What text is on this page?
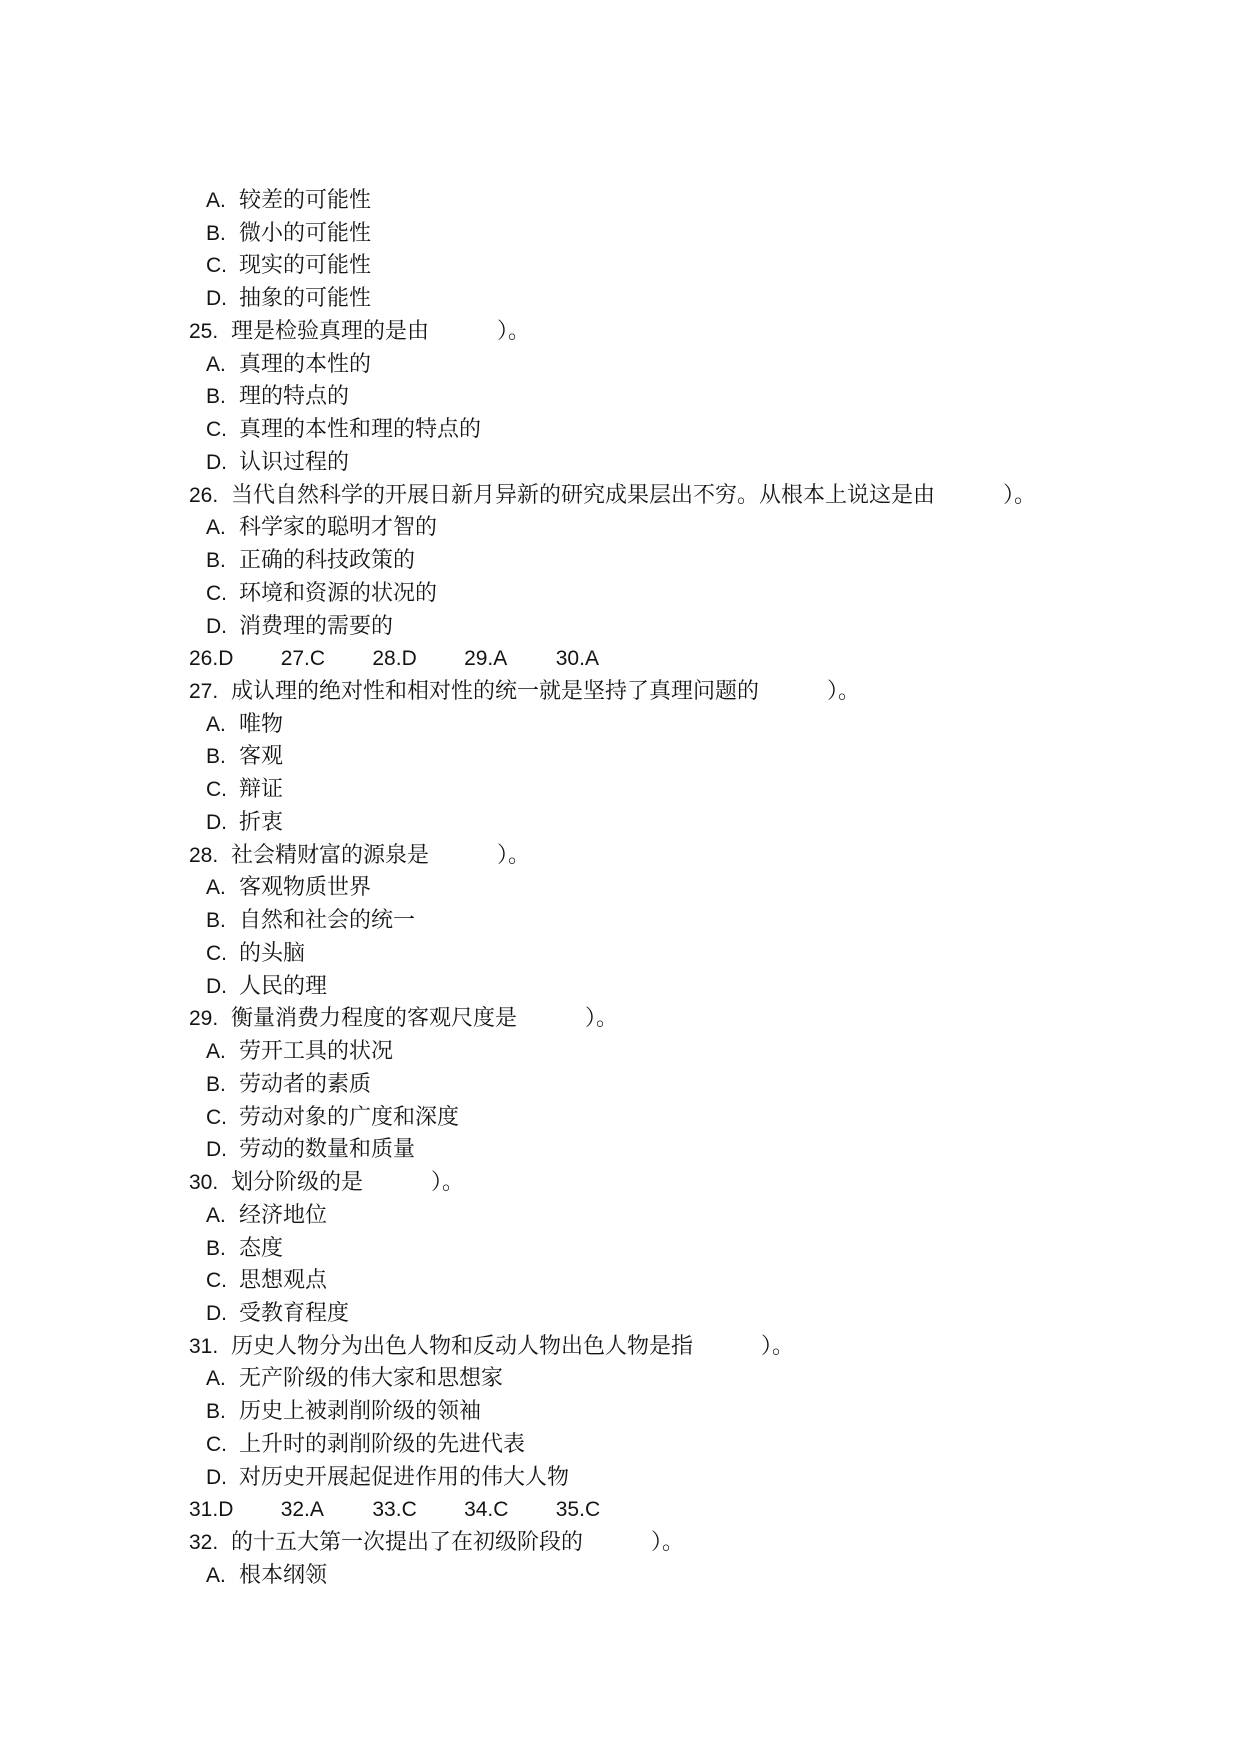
A. 较差的可能性
B. 微小的可能性
C. 现实的可能性
D. 抽象的可能性
25. 理是检验真理的是由	）。
A. 真理的本性的
B. 理的特点的
C. 真理的本性和理的特点的
D. 认识过程的
26. 当代自然科学的开展日新月异新的研究成果层出不穷。从根本上说这是由	）。
A. 科学家的聪明才智的
B. 正确的科技政策的
C. 环境和资源的状况的
D. 消费理的需要的
26.D 27.C 28.D 29.A 30.A
27. 成认理的绝对性和相对性的统一就是坚持了真理问题的	）。
A. 唯物
B. 客观
C. 辩证
D. 折衷
28. 社会精财富的源泉是	）。
A. 客观物质世界
B. 自然和社会的统一
C. 的头脑
D. 人民的理
29. 衡量消费力程度的客观尺度是	）。
A. 劳开工具的状况
B. 劳动者的素质
C. 劳动对象的广度和深度
D. 劳动的数量和质量
30. 划分阶级的是	）。
A. 经济地位
B. 态度
C. 思想观点
D. 受教育程度
31. 历史人物分为出色人物和反动人物出色人物是指	）。
A. 无产阶级的伟大家和思想家
B. 历史上被剥削阶级的领袖
C. 上升时的剥削阶级的先进代表
D. 对历史开展起促进作用的伟大人物
31.D 32.A 33.C 34.C 35.C
32. 的十五大第一次提出了在初级阶段的	）。
A. 根本纲领
